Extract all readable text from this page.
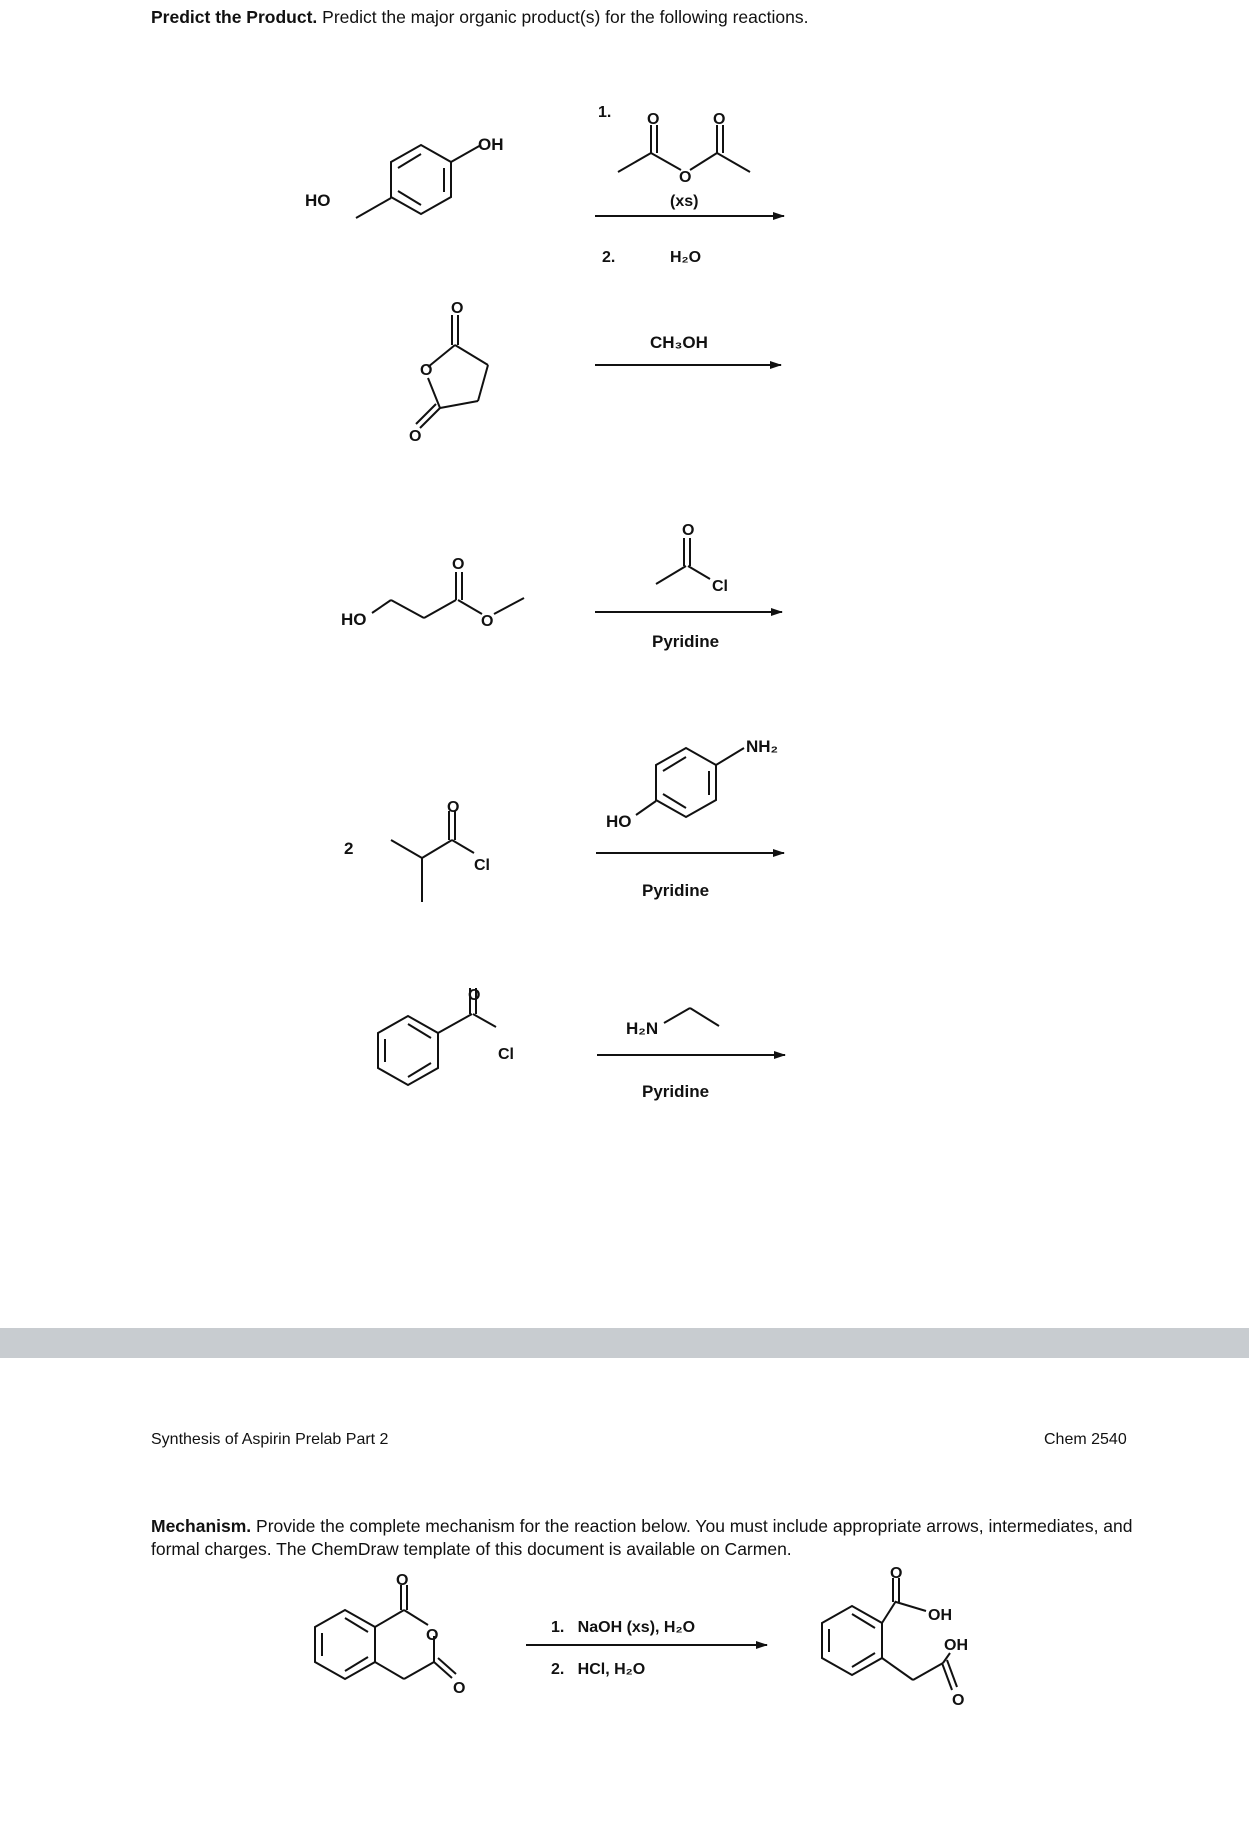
Predict the Product. Predict the major organic product(s) for the following reactions.
HO
OH
1. O	O
O
(xs)
2.	H₂O
O
O
O
CH₃OH
HO
O
O
O
Cl
Pyridine
2
O
Cl
NH₂
HO
Pyridine
O
Cl
H₂N
Pyridine
Synthesis of Aspirin Prelab Part 2	Chem 2540
Mechanism. Provide the complete mechanism for the reaction below. You must include appropriate arrows, intermediates, and formal charges. The ChemDraw template of this document is available on Carmen.
O
O
O
1.   NaOH (xs), H₂O
2.   HCl, H₂O
O
OH
OH
O
